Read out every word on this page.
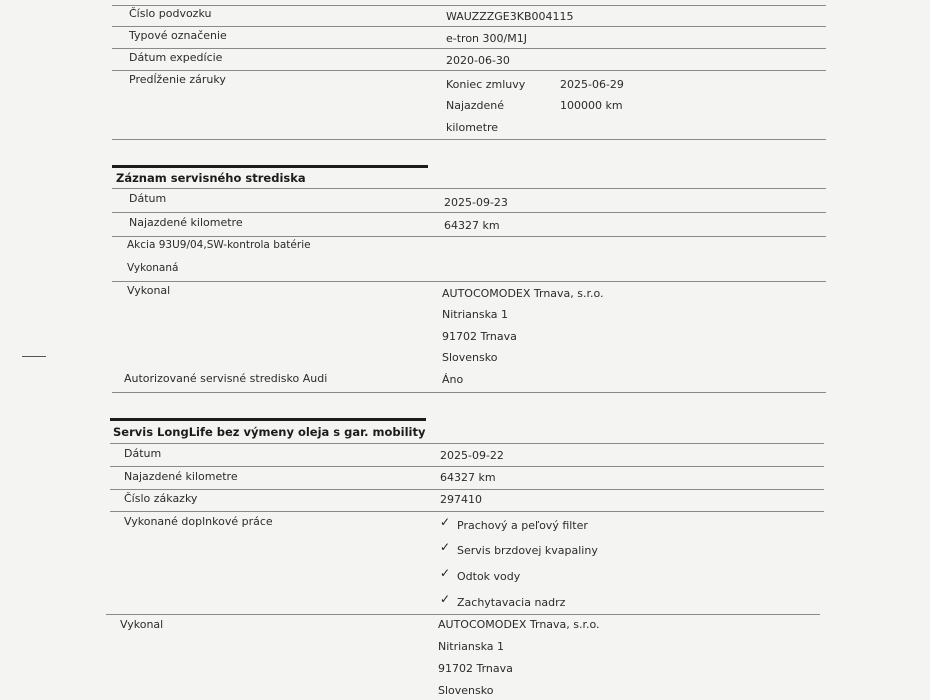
Číslo podvozku	WAUZZZGE3KB004115
Typové označenie	e-tron 300/M1J
Dátum expedície	2020-06-30
Predĺženie záruky	Koniec zmluvy	2025-06-29
Najazdené	100000 km
kilometre
Záznam servisného strediska
Dátum	2025-09-23
Najazdené kilometre	64327 km
Akcia 93U9/04,SW-kontrola batérie
Vykonaná
Vykonal	AUTOCOMODEX Trnava, s.r.o.
Nitrianska 1
91702 Trnava
Slovensko
Autorizované servisné stredisko Audi	Áno
Servis LongLife bez výmeny oleja s gar. mobility
Dátum	2025-09-22
Najazdené kilometre	64327 km
Číslo zákazky	297410
Vykonané doplnkové práce	✓ Prachový a peľový filter
✓ Servis brzdovej kvapaliny
✓ Odtok vody
✓ Zachytavacia nadrz
Vykonal	AUTOCOMODEX Trnava, s.r.o.
Nitrianska 1
91702 Trnava
Slovensko
